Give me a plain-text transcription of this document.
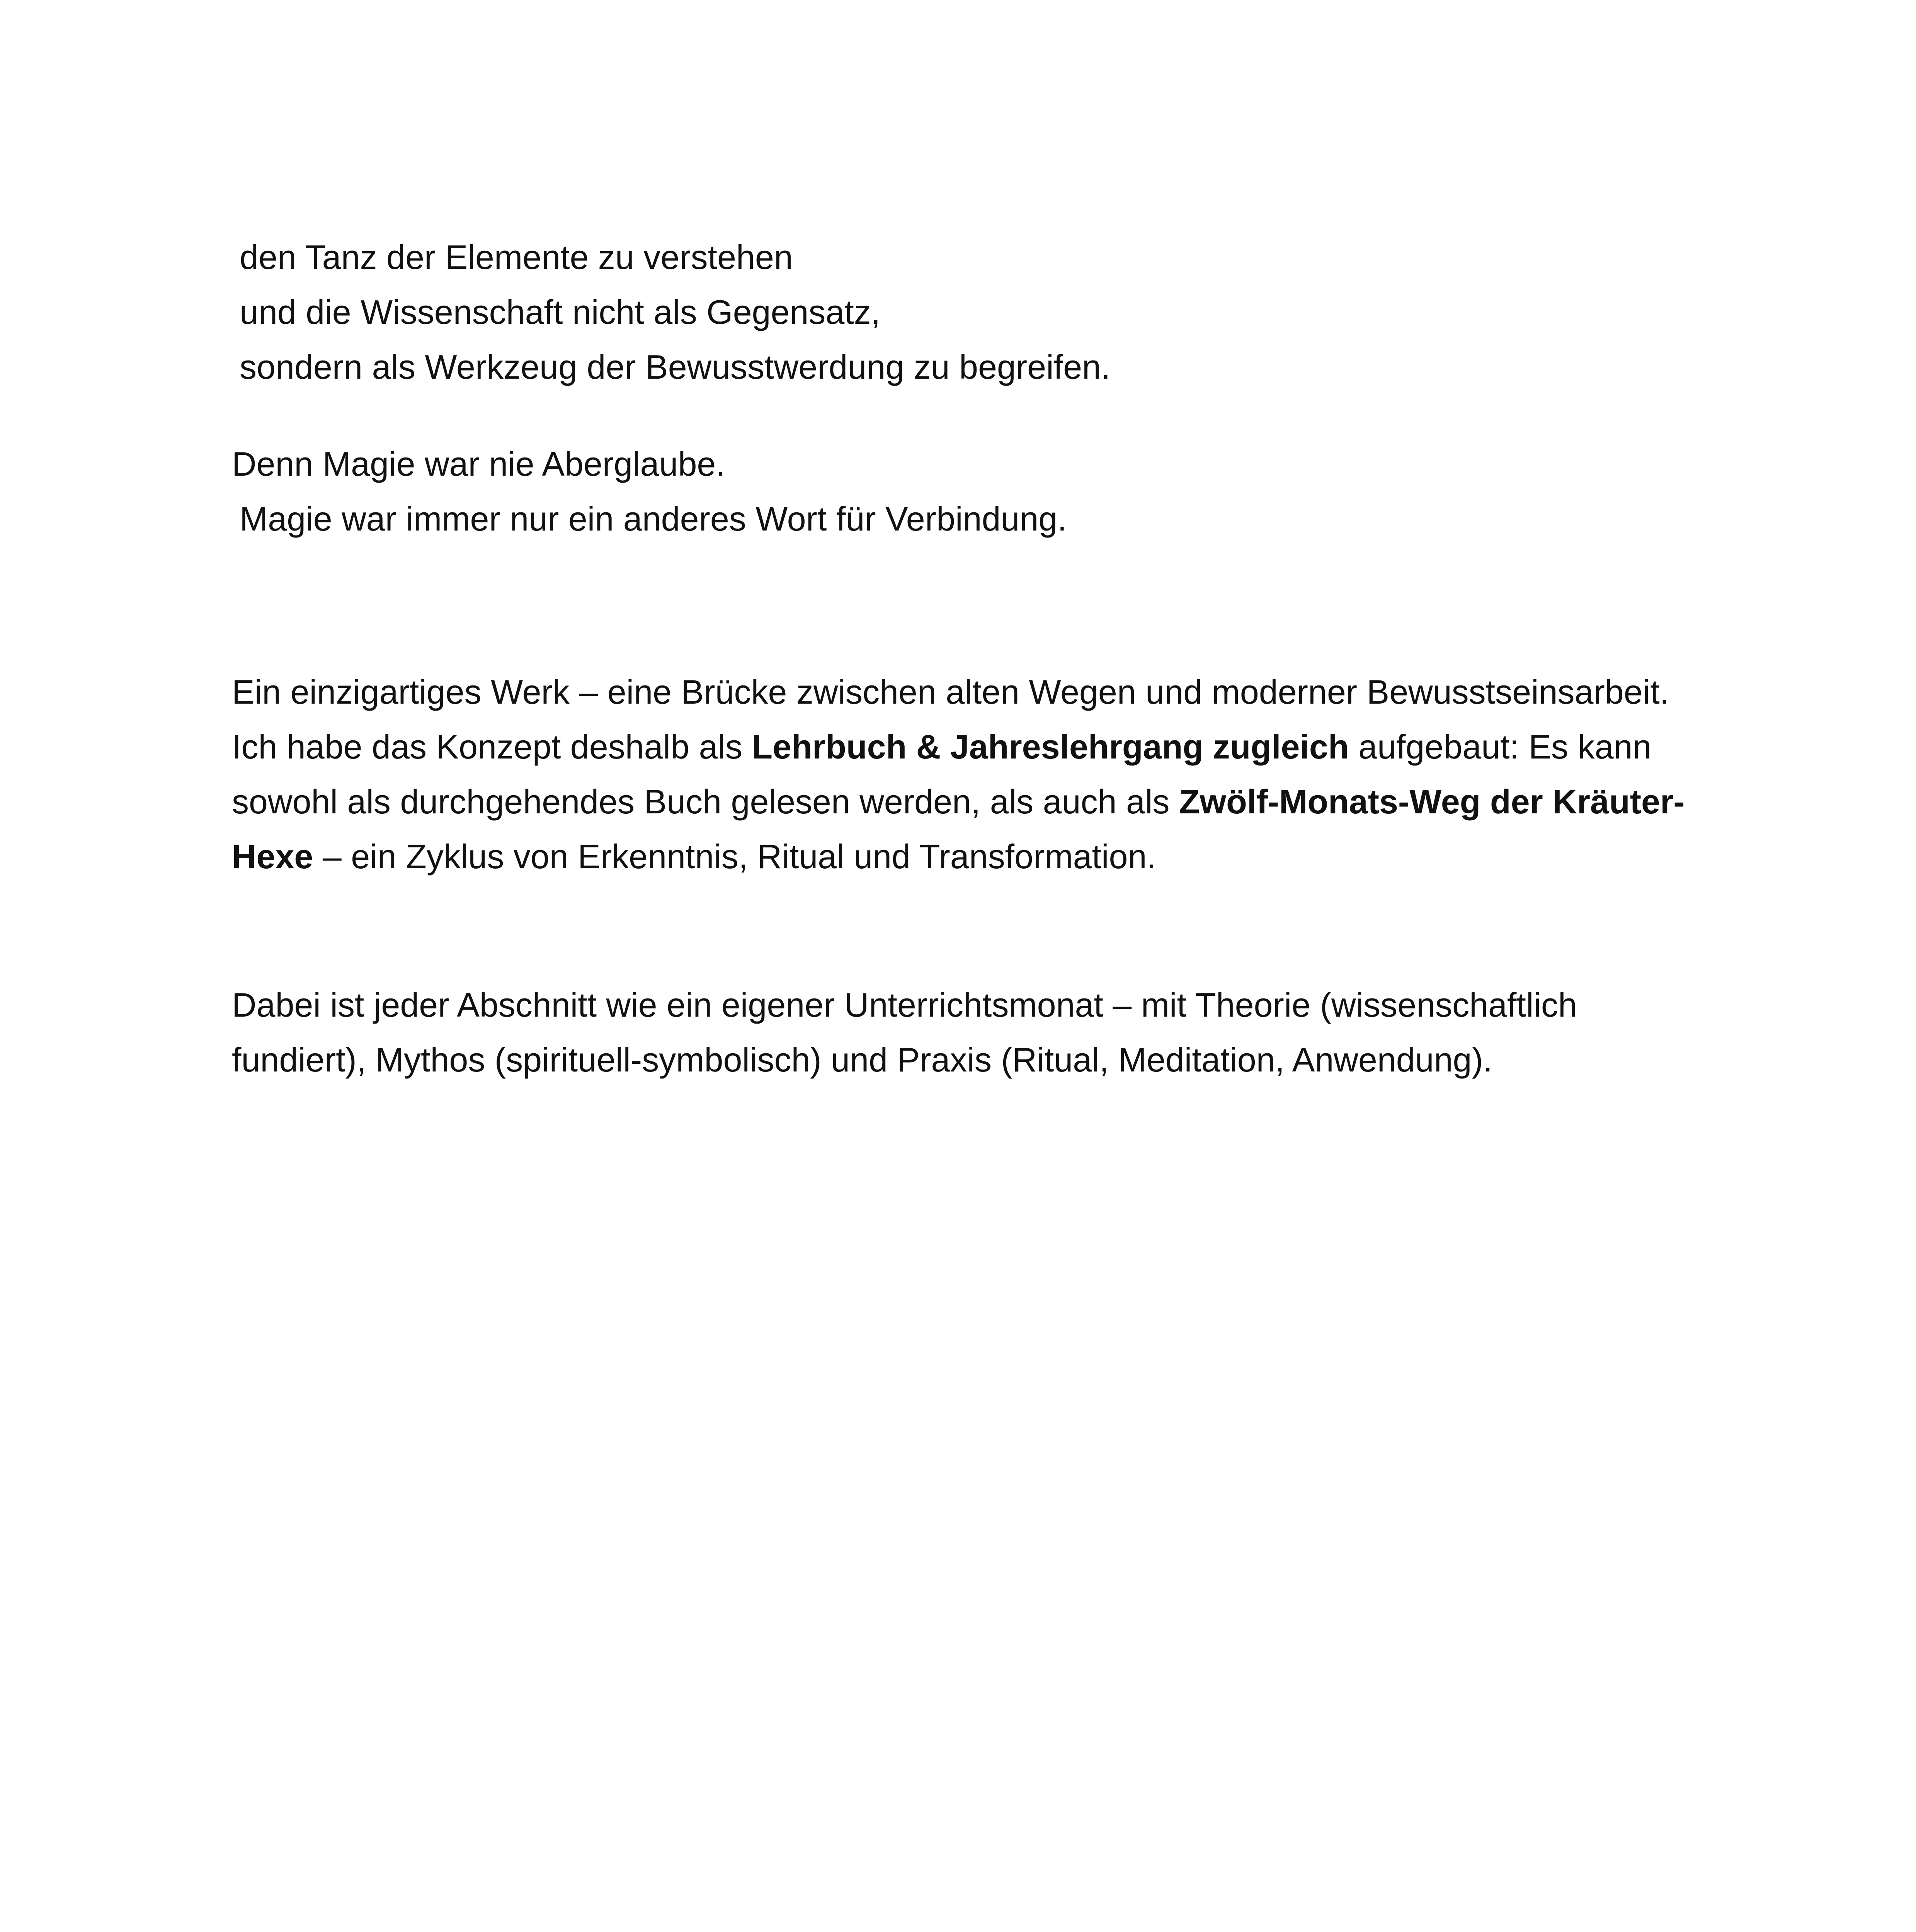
den Tanz der Elemente zu verstehen
und die Wissenschaft nicht als Gegensatz,
sondern als Werkzeug der Bewusstwerdung zu begreifen.
Denn Magie war nie Aberglaube.
Magie war immer nur ein anderes Wort für Verbindung.

Ein einzigartiges Werk – eine Brücke zwischen alten Wegen und moderner Bewusstseinsarbeit. Ich habe das Konzept deshalb als Lehrbuch & Jahreslehrgang zugleich aufgebaut: Es kann sowohl als durchgehendes Buch gelesen werden, als auch als Zwölf-Monats-Weg der Kräuter-Hexe – ein Zyklus von Erkenntnis, Ritual und Transformation.

Dabei ist jeder Abschnitt wie ein eigener Unterrichtsmonat – mit Theorie (wissenschaftlich fundiert), Mythos (spirituell-symbolisch) und Praxis (Ritual, Meditation, Anwendung).
